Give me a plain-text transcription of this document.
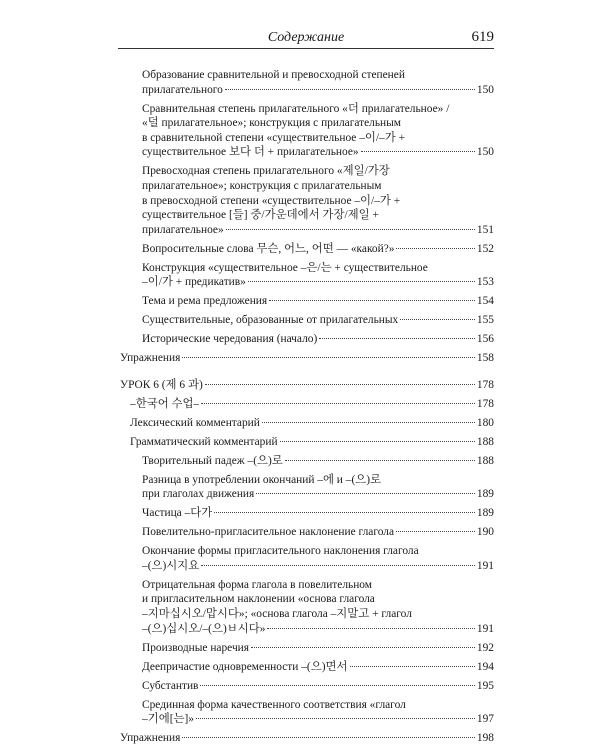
Содержание	619
Образование сравнительной и превосходной степеней
прилагательного	150
Сравнительная степень прилагательного «더 прилагательное» /
«덜 прилагательное»; конструкция с прилагательным
в сравнительной степени «существительное –이/–가 +
существительное 보다 더 + прилагательное»	150
Превосходная степень прилагательного «제일/가장
прилагательное»; конструкция с прилагательным
в превосходной степени «существительное –이/–가 +
существительное [들] 중/가운데에서 가장/제일 +
прилагательное»	151
Вопросительные слова 무슨, 어느, 어떤 — «какой?»	152
Конструкция «существительное –은/는 + существительное
–이/가 + предикатив»	153
Тема и рема предложения	154
Существительные, образованные от прилагательных	155
Исторические чередования (начало)	156
Упражнения	158
УРОК 6 (제 6 과)	178
–한국어 수업–	178
Лексический комментарий	180
Грамматический комментарий	188
Творительный падеж –(으)로	188
Разница в употреблении окончаний –에 и –(으)로
при глаголах движения	189
Частица –다가	189
Повелительно-пригласительное наклонение глагола	190
Окончание формы пригласительного наклонения глагола
–(으)시지요	191
Отрицательная форма глагола в повелительном
и пригласительном наклонении «основа глагола
–지마십시오/맙시다»; «основа глагола –지말고 + глагол
–(으)십시오/–(으)ㅂ시다»	191
Производные наречия	192
Деепричастие одновременности –(으)면서	194
Субстантив	195
Срединная форма качественного соответствия «глагол
–기에[는]»	197
Упражнения	198
